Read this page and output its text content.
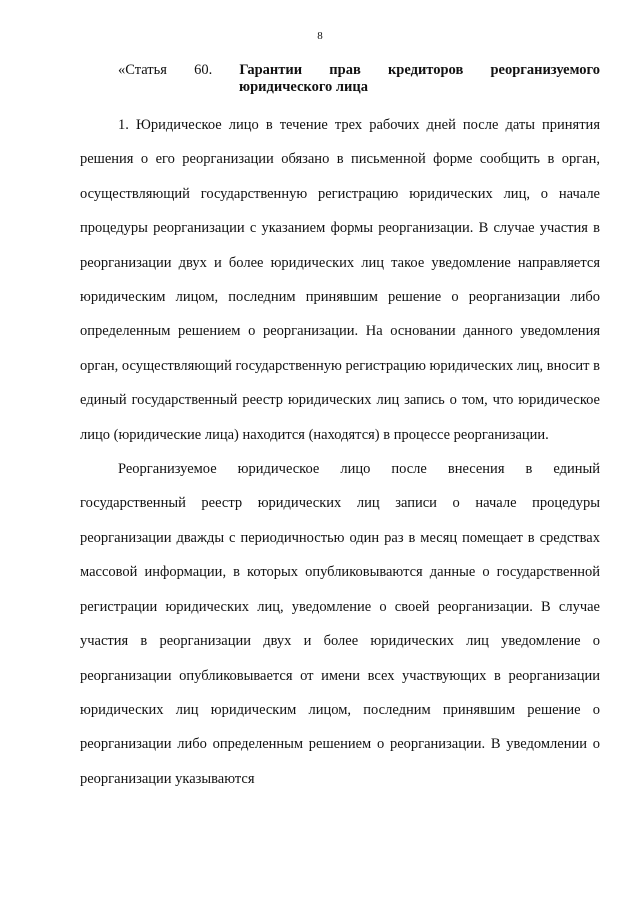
8
«Статья 60. Гарантии прав кредиторов реорганизуемого
юридического лица

1. Юридическое лицо в течение трех рабочих дней после даты принятия решения о его реорганизации обязано в письменной форме сообщить в орган, осуществляющий государственную регистрацию юридических лиц, о начале процедуры реорганизации с указанием формы реорганизации. В случае участия в реорганизации двух и более юридических лиц такое уведомление направляется юридическим лицом, последним принявшим решение о реорганизации либо определенным решением о реорганизации. На основании данного уведомления орган, осуществляющий государственную регистрацию юридических лиц, вносит в единый государственный реестр юридических лиц запись о том, что юридическое лицо (юридические лица) находится (находятся) в процессе реорганизации.

Реорганизуемое юридическое лицо после внесения в единый государственный реестр юридических лиц записи о начале процедуры реорганизации дважды с периодичностью один раз в месяц помещает в средствах массовой информации, в которых опубликовываются данные о государственной регистрации юридических лиц, уведомление о своей реорганизации. В случае участия в реорганизации двух и более юридических лиц уведомление о реорганизации опубликовывается от имени всех участвующих в реорганизации юридических лиц юридическим лицом, последним принявшим решение о реорганизации либо определенным решением о реорганизации. В уведомлении о реорганизации указываются
